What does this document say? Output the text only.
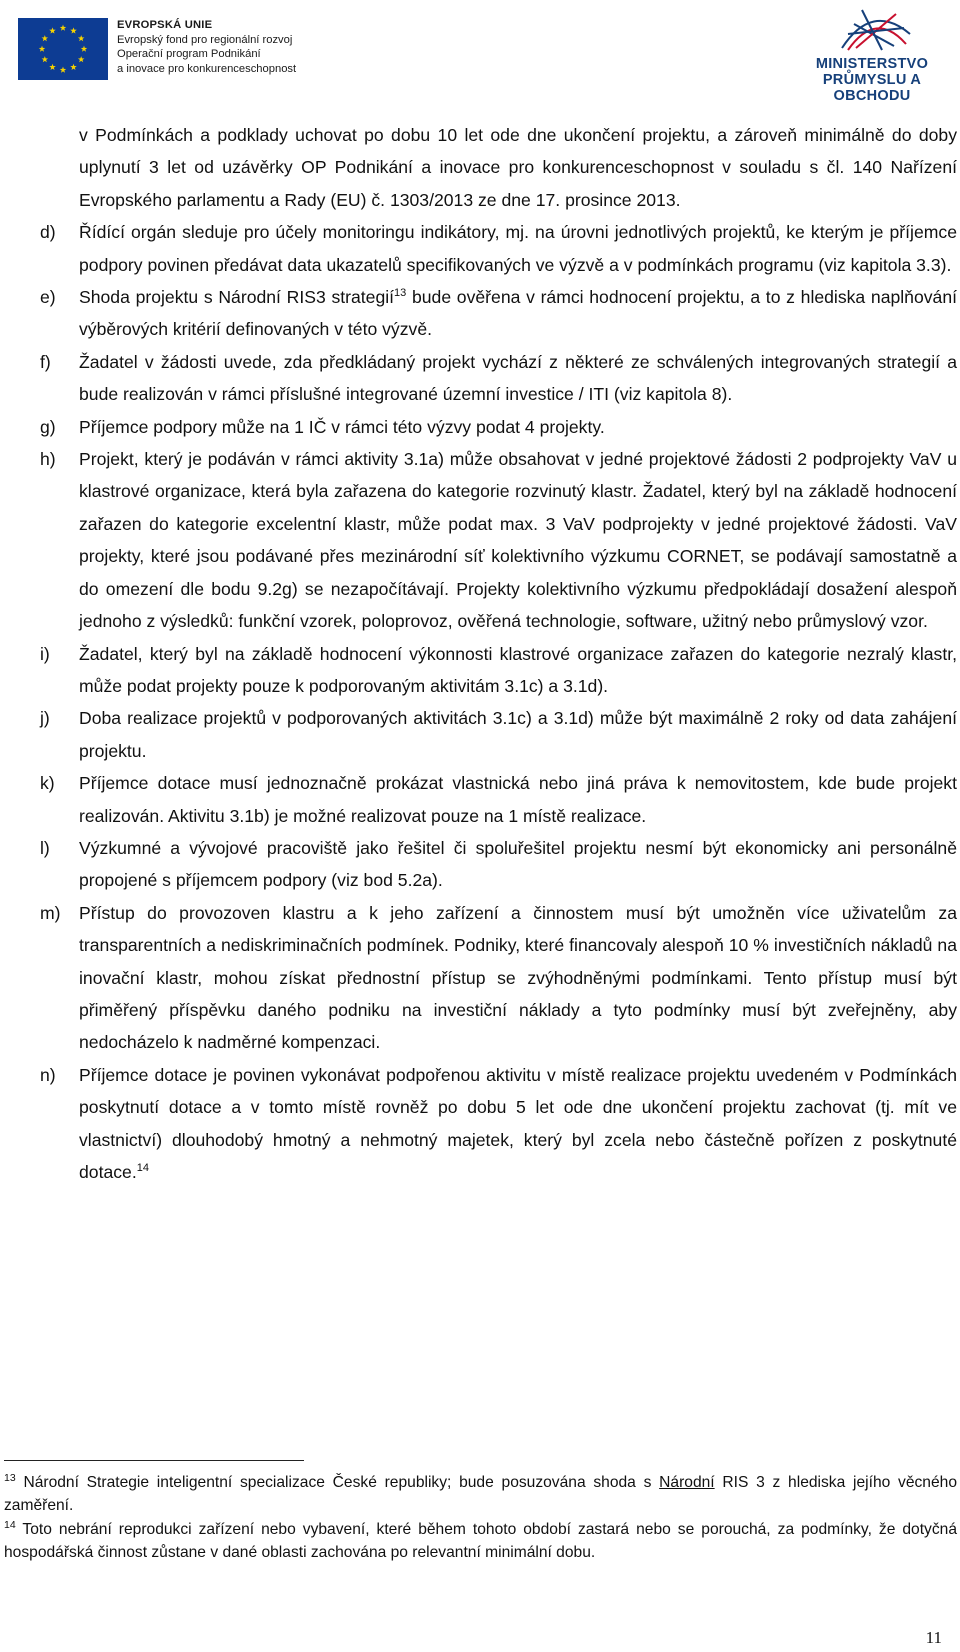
EVROPSKÁ UNIE
Evropský fond pro regionální rozvoj
Operační program Podnikání
a inovace pro konkurenceschopnost	MINISTERSTVO
PRŮMYSLU A OBCHODU

v Podmínkách a podklady uchovat po dobu 10 let ode dne ukončení projektu, a zároveň minimálně do doby uplynutí 3 let od uzávěrky OP Podnikání a inovace pro konkurenceschopnost v souladu s čl. 140 Nařízení Evropského parlamentu a Rady (EU) č. 1303/2013 ze dne 17. prosince 2013.

d)	Řídící orgán sleduje pro účely monitoringu indikátory, mj. na úrovni jednotlivých projektů, ke kterým je příjemce podpory povinen předávat data ukazatelů specifikovaných ve výzvě a v podmínkách programu (viz kapitola 3.3).
e)	Shoda projektu s Národní RIS3 strategií$^{13}$ bude ověřena v rámci hodnocení projektu, a to z hlediska naplňování výběrových kritérií definovaných v této výzvě.
f)	Žadatel v žádosti uvede, zda předkládaný projekt vychází z některé ze schválených integrovaných strategií a bude realizován v rámci příslušné integrované územní investice / ITI (viz kapitola 8).
g)	Příjemce podpory může na 1 IČ v rámci této výzvy podat 4 projekty.
h)	Projekt, který je podáván v rámci aktivity 3.1a) může obsahovat v jedné projektové žádosti 2 podprojekty VaV u klastrové organizace, která byla zařazena do kategorie rozvinutý klastr. Žadatel, který byl na základě hodnocení zařazen do kategorie excelentní klastr, může podat max. 3 VaV podprojekty v jedné projektové žádosti. VaV projekty, které jsou podávané přes mezinárodní síť kolektivního výzkumu CORNET, se podávají samostatně a do omezení dle bodu 9.2g) se nezapočítávají. Projekty kolektivního výzkumu předpokládají dosažení alespoň jednoho z výsledků: funkční vzorek, poloprovoz, ověřená technologie, software, užitný nebo průmyslový vzor.
i)	Žadatel, který byl na základě hodnocení výkonnosti klastrové organizace zařazen do kategorie nezralý klastr, může podat projekty pouze k podporovaným aktivitám 3.1c) a 3.1d).
j)	Doba realizace projektů v podporovaných aktivitách 3.1c) a 3.1d) může být maximálně 2 roky od data zahájení projektu.
k)	Příjemce dotace musí jednoznačně prokázat vlastnická nebo jiná práva k nemovitostem, kde bude projekt realizován. Aktivitu 3.1b) je možné realizovat pouze na 1 místě realizace.
l)	Výzkumné a vývojové pracoviště jako řešitel či spoluřešitel projektu nesmí být ekonomicky ani personálně propojené s příjemcem podpory (viz bod 5.2a).
m)	Přístup do provozoven klastru a k jeho zařízení a činnostem musí být umožněn více uživatelům za transparentních a nediskriminačních podmínek. Podniky, které financovaly alespoň 10 % investičních nákladů na inovační klastr, mohou získat přednostní přístup se zvýhodněnými podmínkami. Tento přístup musí být přiměřený příspěvku daného podniku na investiční náklady a tyto podmínky musí být zveřejněny, aby nedocházelo k nadměrné kompenzaci.
n)	Příjemce dotace je povinen vykonávat podpořenou aktivitu v místě realizace projektu uvedeném v Podmínkách poskytnutí dotace a v tomto místě rovněž po dobu 5 let ode dne ukončení projektu zachovat (tj. mít ve vlastnictví) dlouhodobý hmotný a nehmotný majetek, který byl zcela nebo částečně pořízen z poskytnuté dotace.$^{14}$

$^{13}$ Národní Strategie inteligentní specializace České republiky; bude posuzována shoda s Národní RIS 3 z hlediska jejího věcného zaměření.

$^{14}$ Toto nebrání reprodukci zařízení nebo vybavení, které během tohoto období zastará nebo se porouchá, za podmínky, že dotyčná hospodářská činnost zůstane v dané oblasti zachována po relevantní minimální dobu.

11
